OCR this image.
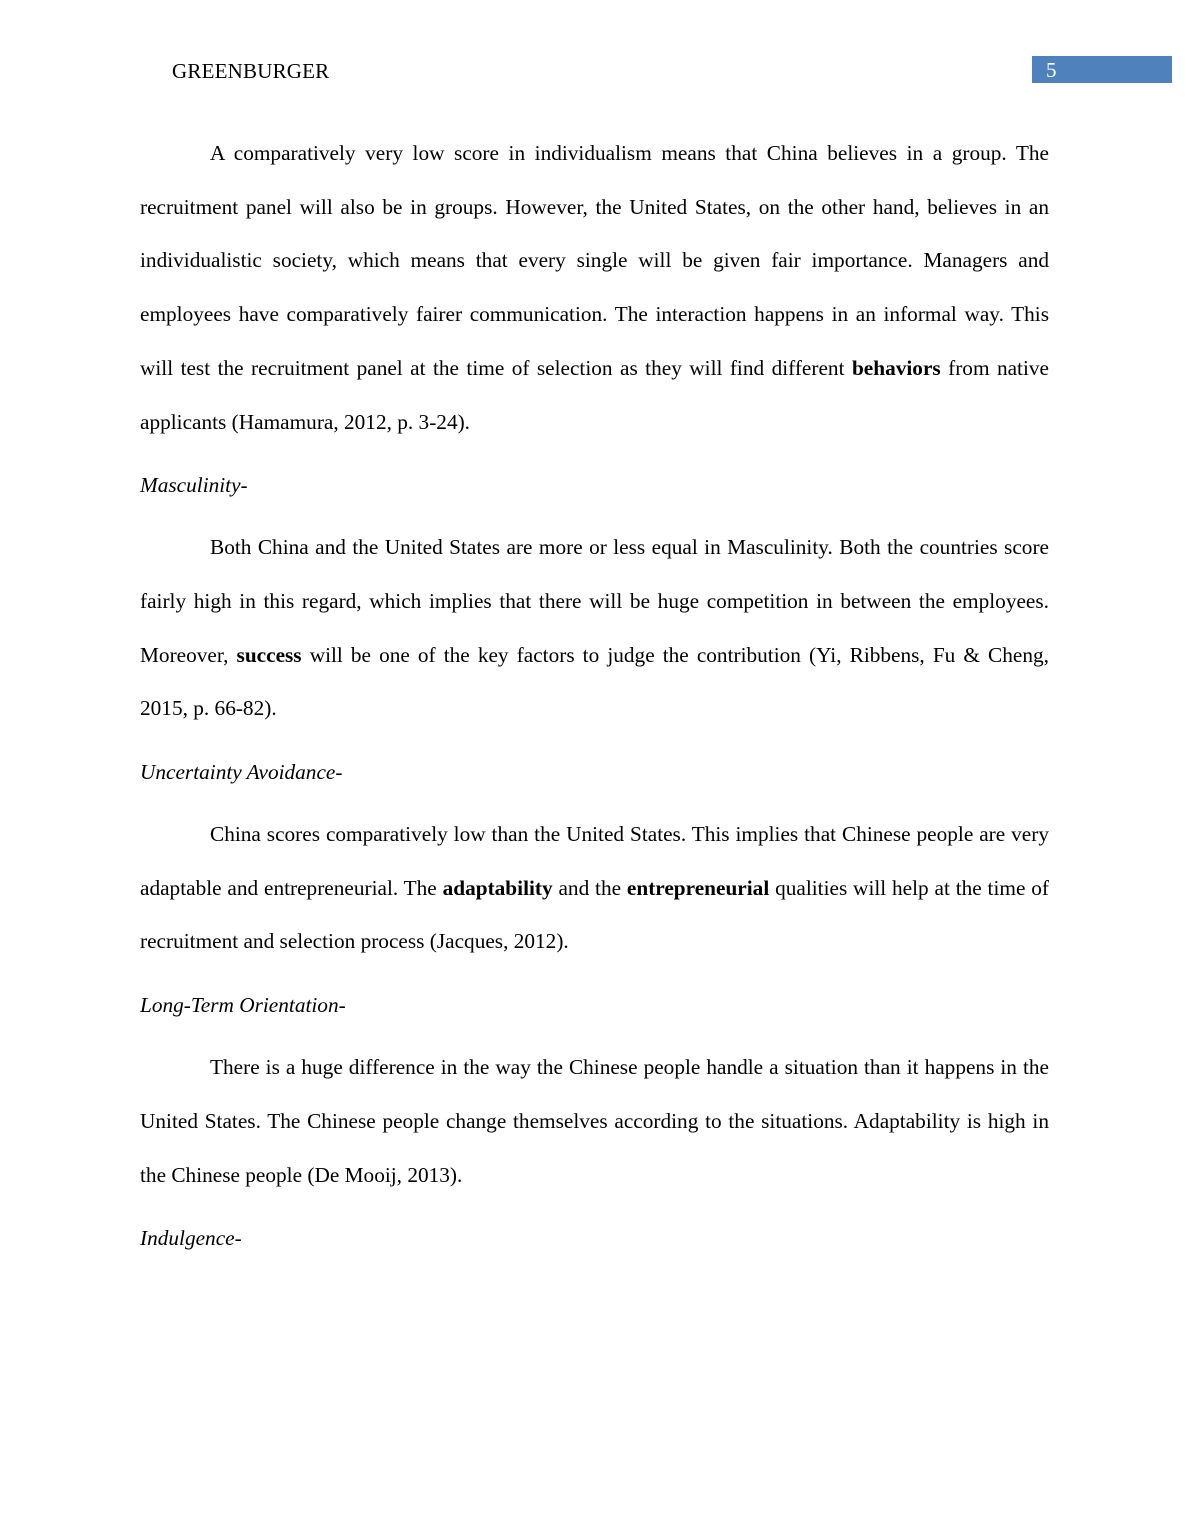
GREENBURGER	5

A comparatively very low score in individualism means that China believes in a group. The recruitment panel will also be in groups. However, the United States, on the other hand, believes in an individualistic society, which means that every single will be given fair importance. Managers and employees have comparatively fairer communication. The interaction happens in an informal way. This will test the recruitment panel at the time of selection as they will find different behaviors from native applicants (Hamamura, 2012, p. 3-24).

Masculinity-

Both China and the United States are more or less equal in Masculinity. Both the countries score fairly high in this regard, which implies that there will be huge competition in between the employees. Moreover, success will be one of the key factors to judge the contribution (Yi, Ribbens, Fu & Cheng, 2015, p. 66-82).

Uncertainty Avoidance-

China scores comparatively low than the United States. This implies that Chinese people are very adaptable and entrepreneurial. The adaptability and the entrepreneurial qualities will help at the time of recruitment and selection process (Jacques, 2012).

Long-Term Orientation-

There is a huge difference in the way the Chinese people handle a situation than it happens in the United States. The Chinese people change themselves according to the situations. Adaptability is high in the Chinese people (De Mooij, 2013).

Indulgence-
